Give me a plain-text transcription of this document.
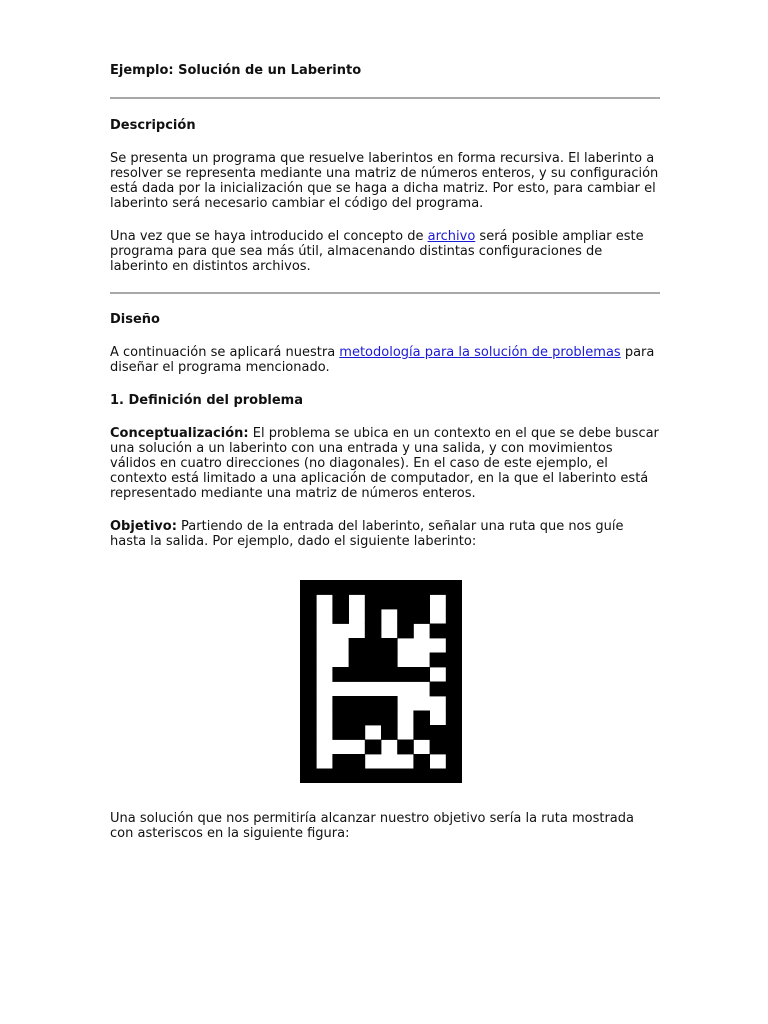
Ejemplo: Solución de un Laberinto
Descripción

Se presenta un programa que resuelve laberintos en forma recursiva. El laberinto a resolver se representa mediante una matriz de números enteros, y su configuración está dada por la inicialización que se haga a dicha matriz. Por esto, para cambiar el laberinto será necesario cambiar el código del programa.

Una vez que se haya introducido el concepto de archivo será posible ampliar este programa para que sea más útil, almacenando distintas configuraciones de laberinto en distintos archivos.

Diseño

A continuación se aplicará nuestra metodología para la solución de problemas para diseñar el programa mencionado.

1. Definición del problema

Conceptualización: El problema se ubica en un contexto en el que se debe buscar una solución a un laberinto con una entrada y una salida, y con movimientos válidos en cuatro direcciones (no diagonales). En el caso de este ejemplo, el contexto está limitado a una aplicación de computador, en la que el laberinto está representado mediante una matriz de números enteros.

Objetivo: Partiendo de la entrada del laberinto, señalar una ruta que nos guíe hasta la salida. Por ejemplo, dado el siguiente laberinto:

Una solución que nos permitiría alcanzar nuestro objetivo sería la ruta mostrada con asteriscos en la siguiente figura:
